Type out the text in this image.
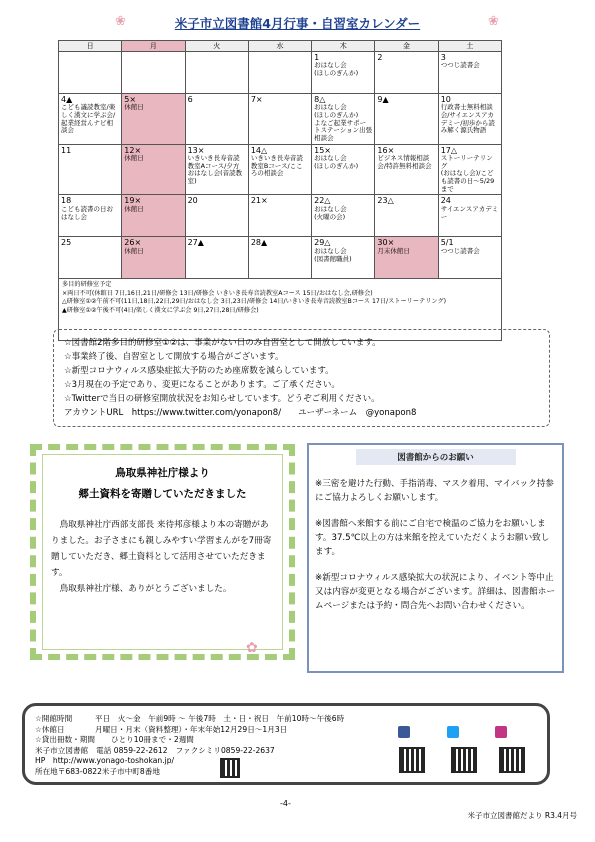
❀	❀
米子市立図書館4月行事・自習室カレンダー
日	月	火	水	木	金	土

				1
おはなし会
(ほしのぎんか)	2	3
つつじ読書会

4▲
こども議読教室/楽しく漢文に学ぶ会/起業経営んナビ相談会	5×
休館日	6	7×	8△
おはなし会
(ほしのぎんか)
よなご起業サポートステーション出張相談会	9▲	10
行政書士無料相談会/サイエンスアカデミー/初歩から読み解く源氏物語

11	12×
休館日	13×
いきいき長寿音読教室Aコース/夕方おはなし会(音読教室)	14△
いきいき長寿音読教室Bコース/こころの相談会	15×
おはなし会
(ほしのぎんか)	16×
ビジネス情報相談会/特許無料相談会	17△
ストーリーテリング
(おはなし会)/こども読書の日～5/29まで

18
こども読書の日おはなし会	19×
休館日	20	21×	22△
おはなし会
(火曜の会)	23△	24
サイエンスアカデミー

25	26×
休館日	27▲	28▲	29△
おはなし会
(図書館職員)	30×
月末休館日	5/1
つつじ読書会

多目的研修室予定
×両日不可(休館日 7日,16日,21日/研修会 13日/研修会 いきいき長寿音読教室Aコース 15日/おはなし会,研修会)
△研修室①②午前不可(11日,18日,22日,29日/おはなし会 3日,23日/研修会 14日/いきいき長寿音読教室Bコース 17日/ストーリーテリング)
▲研修室①②午後不可(4日/楽しく漢文に学ぶ会 9日,27日,28日/研修会)						
☆図書館2階多目的研修室①②は、事業がない日のみ自習室として開放しています。
☆事業終了後、自習室として開放する場合がございます。
☆新型コロナウィルス感染症拡大予防のため座席数を減らしています。
☆3月現在の予定であり、変更になることがあります。ご了承ください。
☆Twitterで当日の研修室開放状況をお知らせしています。どうぞご利用ください。
アカウントURL　https://www.twitter.com/yonapon8/　　ユーザーネーム　@yonapon8
鳥取県神社庁様より
郷土資料を寄贈していただきました
鳥取県神社庁西部支部長 来待邦彦様より本の寄贈がありました。お子さまにも親しみやすい学習まんがを7冊寄贈していただき、郷土資料として活用させていただきます。
鳥取県神社庁様、ありがとうございました。
✿
図書館からのお願い

※三密を避けた行動、手指消毒、マスク着用、マイバック持参にご協力よろしくお願いします。

※図書館へ来館する前にご自宅で検温のご協力をお願いします。37.5℃以上の方は来館を控えていただくようお願い致します。

※新型コロナウィルス感染拡大の状況により、イベント等中止又は内容が変更となる場合がございます。詳細は、図書館ホームページまたは予約・問合先へお問い合わせください。

☆開館時間	平日　火～金　午前9時 ～ 午後7時　土・日・祝日　午前10時～午後6時
☆休館日	月曜日・月末（資料整理）・年末年始12月29日～1月3日
☆貸出冊数・期間	ひとり10冊まで・2週間
米子市立図書館 電話 0859-22-2612 ファクシミリ0859-22-2637
HP　http://www.yonago-toshokan.jp/
所在地〒683-0822米子市中町8番地
-4-
米子市立図書館だより R3.4月号
